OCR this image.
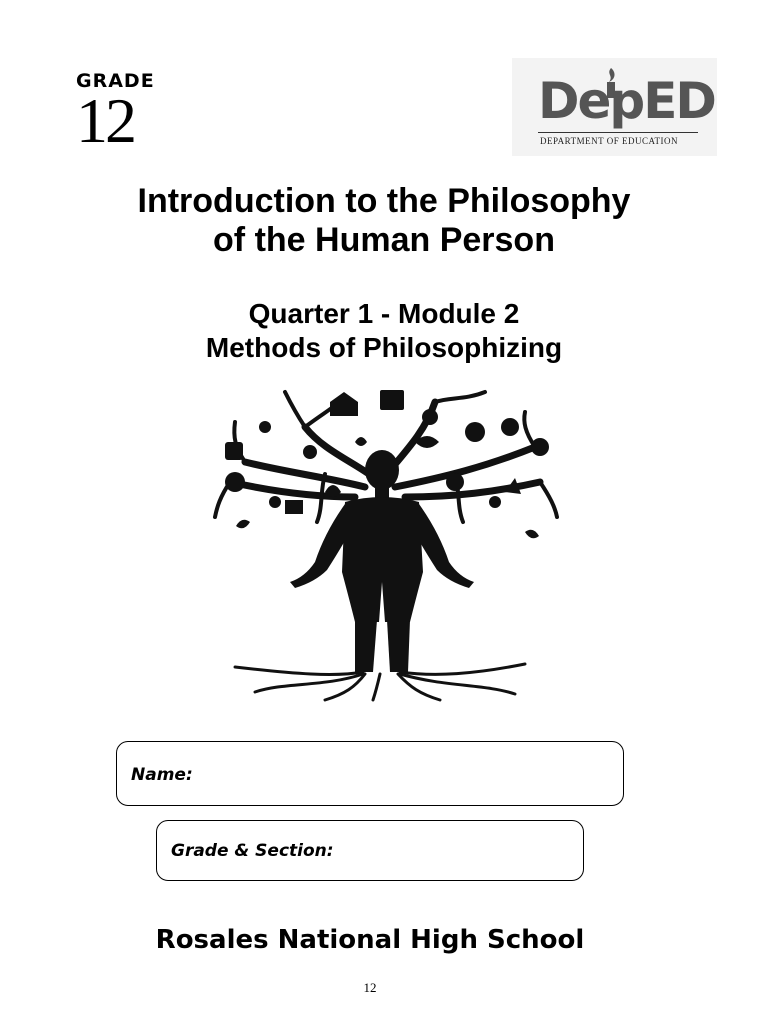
GRADE
12	DepED
DEPARTMENT OF EDUCATION
Introduction to the Philosophy
of the Human Person
Quarter 1 - Module 2
Methods of Philosophizing
Name:
Grade & Section:
Rosales National High School
12
